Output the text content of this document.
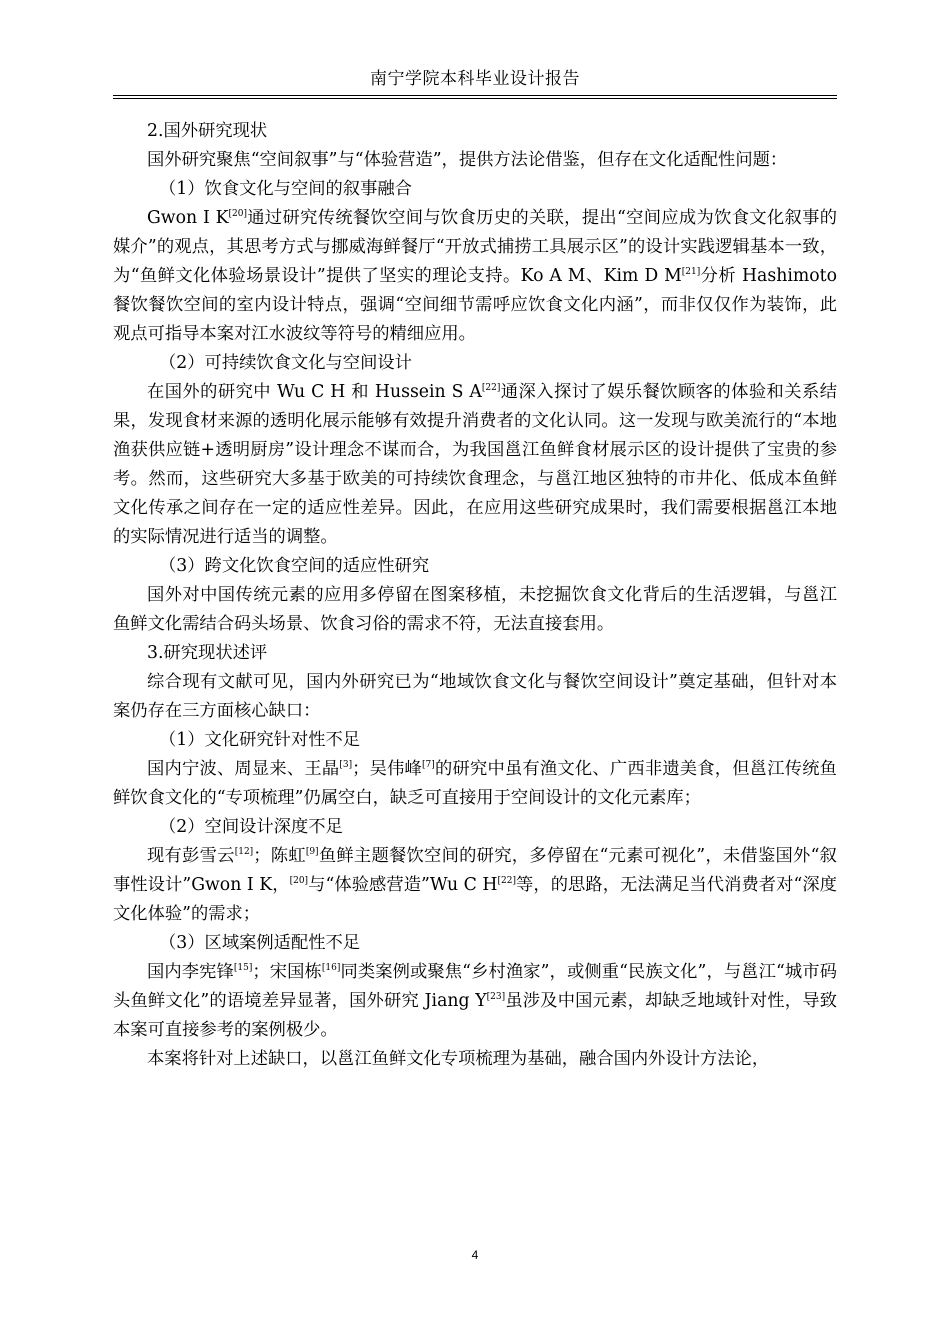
南宁学院本科毕业设计报告

2.国外研究现状

国外研究聚焦“空间叙事”与“体验营造”，提供方法论借鉴，但存在文化适配性问题：

（1）饮食文化与空间的叙事融合

Gwon I K[20]通过研究传统餐饮空间与饮食历史的关联，提出“空间应成为饮食文化叙事的媒介”的观点，其思考方式与挪威海鲜餐厅“开放式捕捞工具展示区”的设计实践逻辑基本一致，为“鱼鲜文化体验场景设计”提供了坚实的理论支持。Ko A M、Kim D M[21]分析 Hashimoto 餐饮餐饮空间的室内设计特点，强调“空间细节需呼应饮食文化内涵”，而非仅仅作为装饰，此观点可指导本案对江水波纹等符号的精细应用。

（2）可持续饮食文化与空间设计

在国外的研究中 Wu C H 和 Hussein S A[22]通深入探讨了娱乐餐饮顾客的体验和关系结果，发现食材来源的透明化展示能够有效提升消费者的文化认同。这一发现与欧美流行的“本地渔获供应链+透明厨房”设计理念不谋而合，为我国邕江鱼鲜食材展示区的设计提供了宝贵的参考。然而，这些研究大多基于欧美的可持续饮食理念，与邕江地区独特的市井化、低成本鱼鲜文化传承之间存在一定的适应性差异。因此，在应用这些研究成果时，我们需要根据邕江本地的实际情况进行适当的调整。

（3）跨文化饮食空间的适应性研究

国外对中国传统元素的应用多停留在图案移植，未挖掘饮食文化背后的生活逻辑，与邕江鱼鲜文化需结合码头场景、饮食习俗的需求不符，无法直接套用。

3.研究现状述评

综合现有文献可见，国内外研究已为“地域饮食文化与餐饮空间设计”奠定基础，但针对本案仍存在三方面核心缺口：

（1）文化研究针对性不足

国内宁波、周显来、王晶[3]；吴伟峰[7]的研究中虽有渔文化、广西非遗美食，但邕江传统鱼鲜饮食文化的“专项梳理”仍属空白，缺乏可直接用于空间设计的文化元素库；

（2）空间设计深度不足

现有彭雪云[12]；陈虹[9]鱼鲜主题餐饮空间的研究，多停留在“元素可视化”，未借鉴国外“叙事性设计”Gwon I K，[20]与“体验感营造”Wu C H[22]等，的思路，无法满足当代消费者对“深度文化体验”的需求；

（3）区域案例适配性不足

国内李宪锋[15]；宋国栋[16]同类案例或聚焦“乡村渔家”，或侧重“民族文化”，与邕江“城市码头鱼鲜文化”的语境差异显著，国外研究 Jiang Y[23]虽涉及中国元素，却缺乏地域针对性，导致本案可直接参考的案例极少。

本案将针对上述缺口，以邕江鱼鲜文化专项梳理为基础，融合国内外设计方法论，

4
